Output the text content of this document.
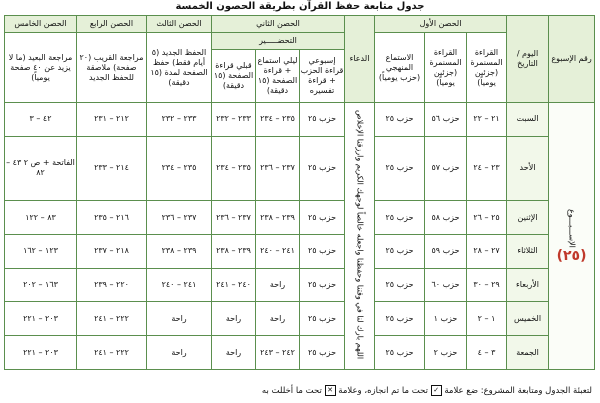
جدول متابعة حفظ القرآن بطريقة الحصون الخمسة
رقم الإسبوع	اليوم / التاريخ	الحصن الأول			الدعاء	الحصن الثاني			الحصن الثالث	الحصن الرابع	الحصن الخامس
		القراءة المسنمرة (جزئين يومياً)	القراءة المسنمرة (جزئين يومياً)	الاستماع المنهجي (حزب يومياً)		التحضـــــير			الحفظ الجديد (٥ أيام فقط) حفظ الصفحة لمدة (١٥ دقيقة)	مراجعة القريب (٢٠ صفحة) ملاصقة للحفظ الجديد	مراجعة البعيد (ما لا يزيد عن ٤٠ صفحة يومياً)
						إسبوعي قراءة الحزب + قراءة تفسيره	ليلي استماع + قراءة الصفحة (١٥ دقيقة)	قبلي قراءة الصفحة (١٥ دقيقة)			
الإســـبـــوع
(٢٥)	السبت	٢١ – ٢٢	حزب ٥٦	حزب ٢٥	اللهم بارك لنا في وقتنا وحفظنا واجعله خالصاً لوجهك الكريم وارزقنا الإخلاص	حزب ٢٥	٢٣٥ – ٢٣٤	٢٣٣ – ٢٣٢	٢٣٣ – ٢٣٢	٢١٢ – ٢٣١	٤٢ – ٣
	الأحد	٢٣ – ٢٤	حزب ٥٧	حزب ٢٥		حزب ٢٥	٢٣٧ – ٢٣٦	٢٣٥ – ٢٣٤	٢٣٥ – ٢٣٤	٢١٤ – ٢٣٣	الفاتحة + ص ٢ ٤٣ – ٨٢
	الإثنين	٢٥ – ٢٦	حزب ٥٨	حزب ٢٥		حزب ٢٥	٢٣٩ – ٢٣٨	٢٣٧ – ٢٣٦	٢٣٧ – ٢٣٦	٢١٦ – ٢٣٥	٨٣ – ١٢٢
	الثلاثاء	٢٧ – ٢٨	حزب ٥٩	حزب ٢٥		حزب ٢٥	٢٤١ – ٢٤٠	٢٣٩ – ٢٣٨	٢٣٩ – ٢٣٨	٢١٨ – ٢٣٧	١٢٣ – ١٦٢
	الأربعاء	٢٩ – ٣٠	حزب ٦٠	حزب ٢٥		حزب ٢٥	راحة	٢٤٠ – ٢٤١	٢٤١ – ٢٤٠	٢٢٠ – ٢٣٩	١٦٣ – ٢٠٢
	الخميس	١ – ٢	حزب ١	حزب ٢٥		حزب ٢٥	راحة	راحة	راحة	٢٢٢ – ٢٤١	٢٠٣ – ٢٢١
	الجمعة	٣ – ٤	حزب ٢	حزب ٢٥		حزب ٢٥	٢٤٢ – ٢٤٣	راحة	راحة	٢٢٢ – ٢٤١	٢٠٣ – ٢٢١
لتعبئة الجدول ومتابعة المشروع: ضع علامة ✓ تحت ما تم انجازه، وعلامة ✕ تحت ما أخللت به
